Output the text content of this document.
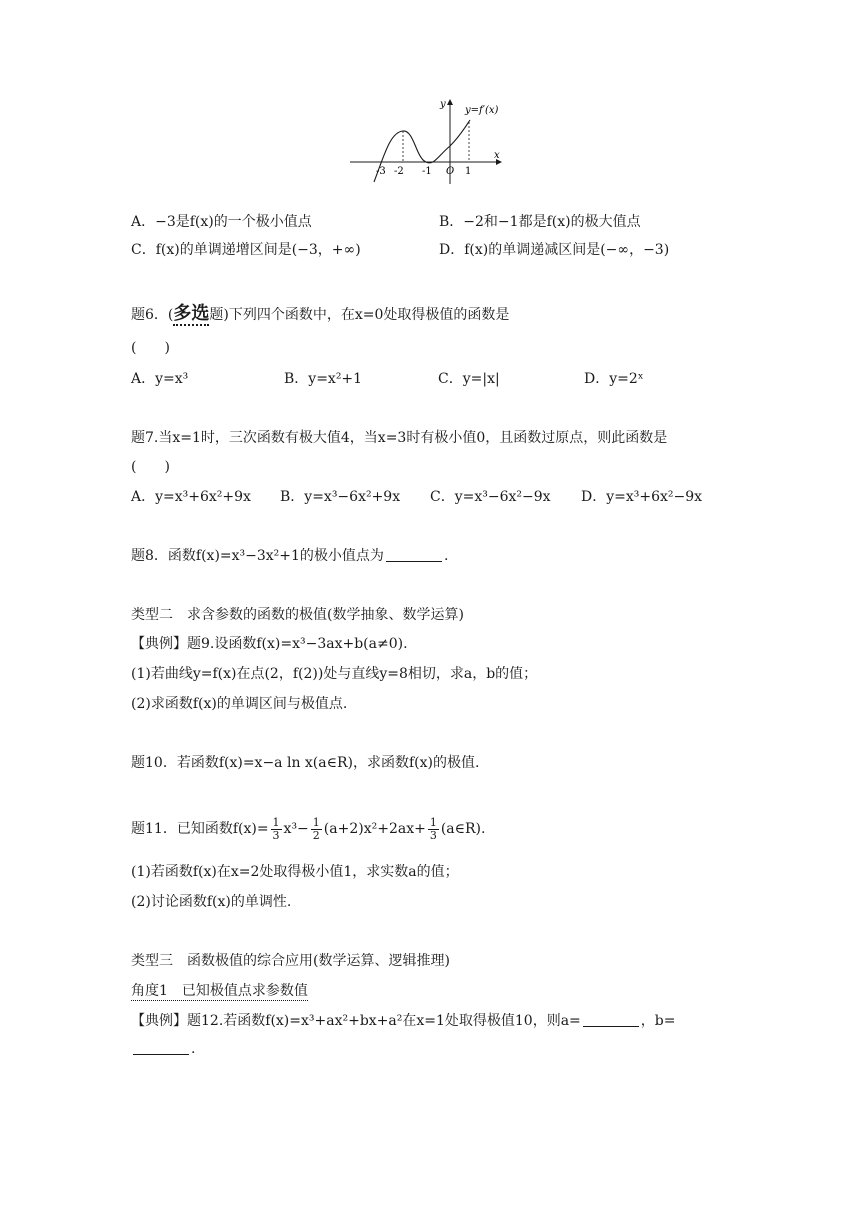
y
y=f′(x)
x
O
-3 -2 -1	1
A．−3是f(x)的一个极小值点	B．−2和−1都是f(x)的极大值点
C．f(x)的单调递增区间是(−3，+∞)	D．f(x)的单调递减区间是(−∞，−3)
题6．(多选题)下列四个函数中，在x=0处取得极值的函数是
(　　)
A．y=x³	B．y=x²+1	C．y=|x|	D．y=2ˣ
题7.当x=1时，三次函数有极大值4，当x=3时有极小值0，且函数过原点，则此函数是
(　　)
A．y=x³+6x²+9x B．y=x³−6x²+9x C．y=x³−6x²−9x D．y=x³+6x²−9x
题8．函数f(x)=x³−3x²+1的极小值点为	.
类型二　求含参数的函数的极值(数学抽象、数学运算)
【典例】题9.设函数f(x)=x³−3ax+b(a≠0).
(1)若曲线y=f(x)在点(2，f(2))处与直线y=8相切，求a，b的值；
(2)求函数f(x)的单调区间与极值点.
题10．若函数f(x)=x−a ln x(a∈R)，求函数f(x)的极值.
题11．已知函数$f(x)= \frac{1}{3} x^3- \frac{1}{2} (a+2)x^2+2ax+ \frac{1}{3}$ (a∈R).
(1)若函数f(x)在x=2处取得极小值1，求实数a的值；
(2)讨论函数f(x)的单调性.
类型三　函数极值的综合应用(数学运算、逻辑推理)
角度1　已知极值点求参数值
【典例】题12.若函数f(x)=x³+ax²+bx+a²在x=1处取得极值10，则a=	，b=
.
